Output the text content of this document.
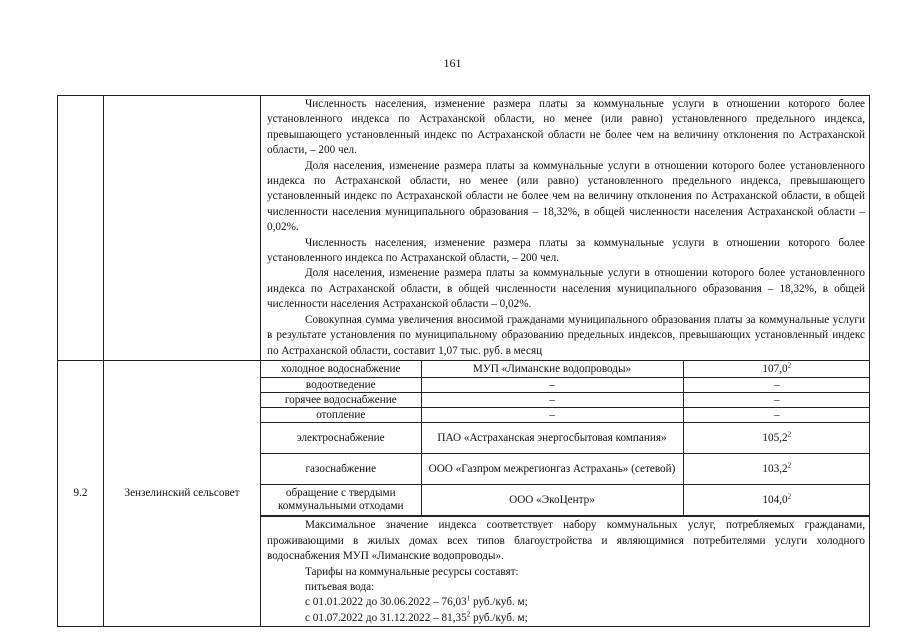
161

Численность населения, изменение размера платы за коммунальные услуги в отношении которого более установленного индекса по Астраханской области, но менее (или равно) установленного предельного индекса, превышающего установленный индекс по Астраханской области не более чем на величину отклонения по Астраханской области, – 200 чел.

Доля населения, изменение размера платы за коммунальные услуги в отношении которого более установленного индекса по Астраханской области, но менее (или равно) установленного предельного индекса, превышающего установленный индекс по Астраханской области не более чем на величину отклонения по Астраханской области, в общей численности населения муниципального образования – 18,32%, в общей численности населения Астраханской области – 0,02%.

Численность населения, изменение размера платы за коммунальные услуги в отношении которого более установленного индекса по Астраханской области, – 200 чел.

Доля населения, изменение размера платы за коммунальные услуги в отношении которого более установленного индекса по Астраханской области, в общей численности населения муниципального образования – 18,32%, в общей численности населения Астраханской области – 0,02%.

Совокупная сумма увеличения вносимой гражданами муниципального образования платы за коммунальные услуги в результате установления по муниципальному образованию предельных индексов, превышающих установленный индекс по Астраханской области, составит 1,07 тыс. руб. в месяц

9.2	Зензелинский сельсовет	
холодное водоснабжение	МУП «Лиманские водопроводы»	107,0$^2$
водоотведение	–	–
горячее водоснабжение	–	–
отопление	–	–
электроснабжение	ПАО «Астраханская энергосбытовая компания»	105,2$^2$
газоснабжение	ООО «Газпром межрегионгаз Астрахань» (сетевой)	103,2$^2$
обращение с твердыми коммунальными отходами	ООО «ЭкоЦентр»	104,0$^2$

Максимальное значение индекса соответствует набору коммунальных услуг, потребляемых гражданами, проживающими в жилых домах всех типов благоустройства и являющимися потребителями услуги холодного водоснабжения МУП «Лиманские водопроводы».

Тарифы на коммунальные ресурсы составят:

питьевая вода:

с 01.01.2022 до 30.06.2022 – 76,03$^1$ руб./куб. м;

с 01.07.2022 до 31.12.2022 – 81,35$^2$ руб./куб. м;
